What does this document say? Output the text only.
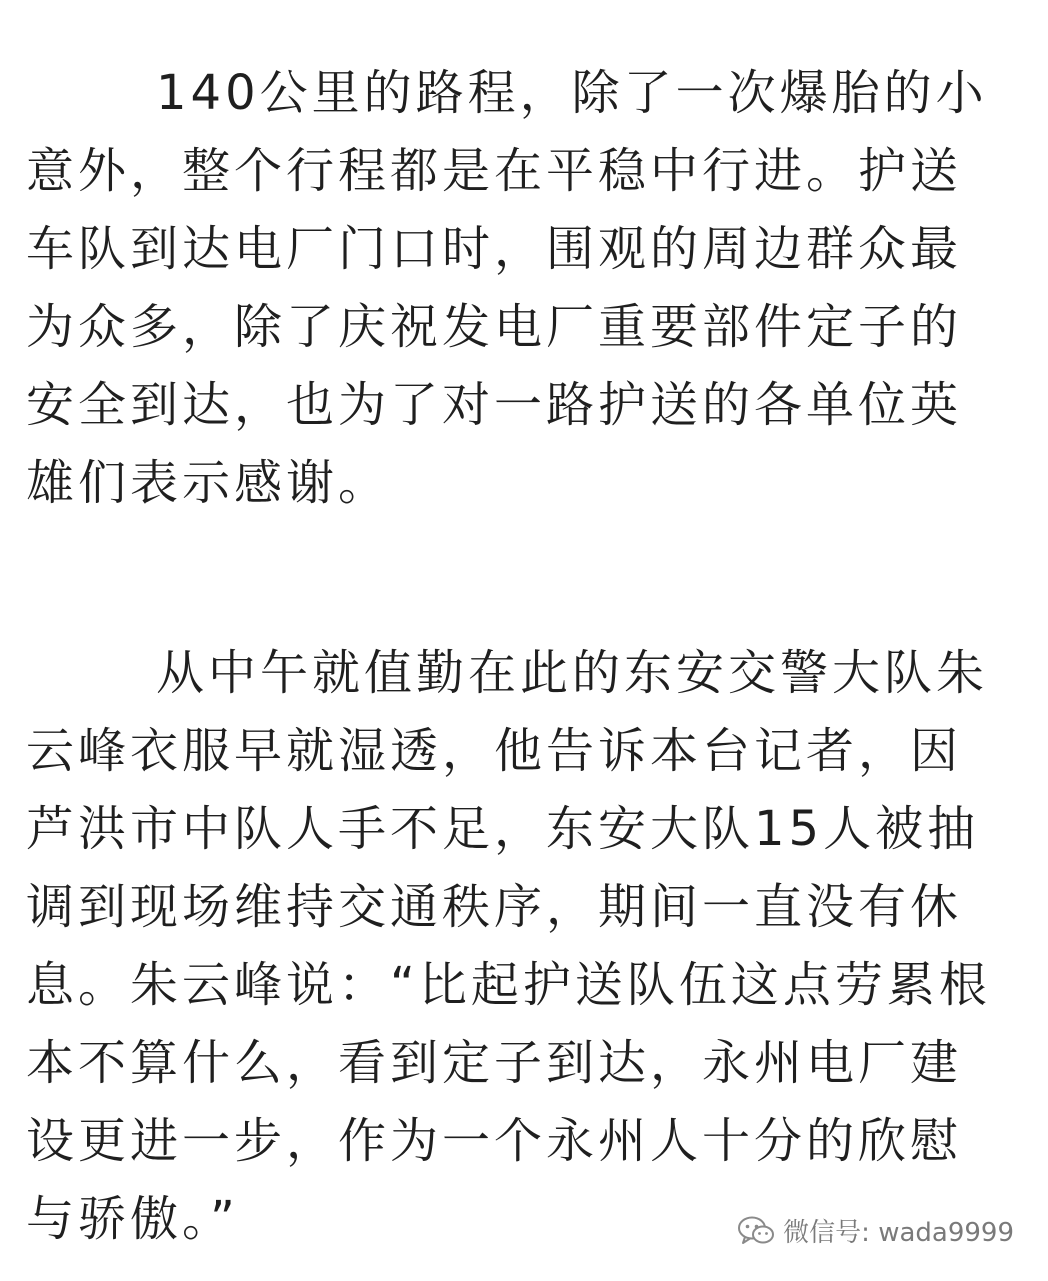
140公里的路程，除了一次爆胎的小
意外，整个行程都是在平稳中行进。护送
车队到达电厂门口时，围观的周边群众最
为众多，除了庆祝发电厂重要部件定子的
安全到达，也为了对一路护送的各单位英
雄们表示感谢。
从中午就值勤在此的东安交警大队朱
云峰衣服早就湿透，他告诉本台记者，因
芦洪市中队人手不足，东安大队15人被抽
调到现场维持交通秩序，期间一直没有休
息。朱云峰说：“比起护送队伍这点劳累根
本不算什么，看到定子到达，永州电厂建
设更进一步，作为一个永州人十分的欣慰
与骄傲。”	微信号: wada9999
